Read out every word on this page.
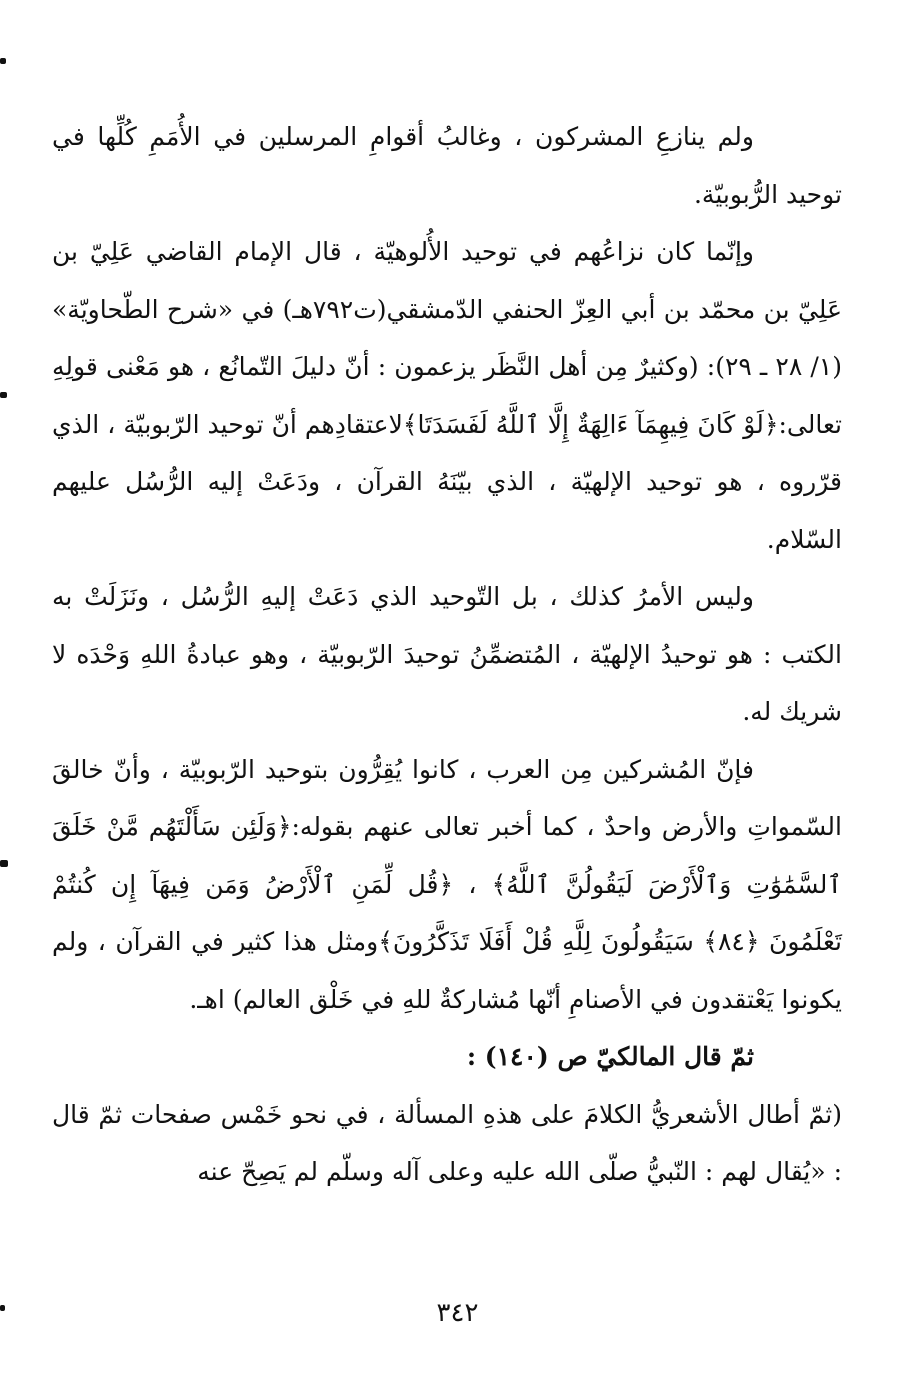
ولم ينازعِ المشركون ، وغالبُ أقوامِ المرسلين في الأُمَمِ كُلِّها في توحيد الرُّبوبيّة.

وإنّما كان نزاعُهم في توحيد الأُلوهيّة ، قال الإمام القاضي عَلِيّ بن عَلِيّ بن محمّد بن أبي العِزّ الحنفي الدّمشقي(ت٧٩٢هـ) في «شرح الطّحاويّة» (١/ ٢٨ ـ ٢٩): (وكثيرٌ مِن أهل النَّظَر يزعمون : أنّ دليلَ التّمانُع ، هو مَعْنى قولِهِ تعالى:﴿لَوْ كَانَ فِيهِمَآ ءَالِهَةٌ إِلَّا ٱللَّهُ لَفَسَدَتَا﴾لاعتقادِهم أنّ توحيد الرّبوبيّة ، الذي قرّروه ، هو توحيد الإلهيّة ، الذي بيّنَهُ القرآن ، ودَعَتْ إليه الرُّسُل عليهم السّلام.

وليس الأمرُ كذلك ، بل التّوحيد الذي دَعَتْ إليهِ الرُّسُل ، ونَزَلَتْ به الكتب : هو توحيدُ الإلهيّة ، المُتضمِّنُ توحيدَ الرّبوبيّة ، وهو عبادةُ اللهِ وَحْدَه لا شريك له.

فإنّ المُشركين مِن العرب ، كانوا يُقِرُّون بتوحيد الرّبوبيّة ، وأنّ خالقَ السّمواتِ والأرض واحدٌ ، كما أخبر تعالى عنهم بقوله:﴿وَلَئِن سَأَلْتَهُم مَّنْ خَلَقَ ٱلسَّمَٰوَٰتِ وَٱلْأَرْضَ لَيَقُولُنَّ ٱللَّهُ﴾ ، ﴿قُل لِّمَنِ ٱلْأَرْضُ وَمَن فِيهَآ إِن كُنتُمْ تَعْلَمُونَ ﴿٨٤﴾ سَيَقُولُونَ لِلَّهِ قُلْ أَفَلَا تَذَكَّرُونَ﴾ومثل هذا كثير في القرآن ، ولم يكونوا يَعْتقدون في الأصنامِ أنّها مُشاركةٌ للهِ في خَلْق العالم) اهـ.

ثمّ قال المالكيّ ص (١٤٠) :

(ثمّ أطال الأشعريُّ الكلامَ على هذهِ المسألة ، في نحو خَمْس صفحات ثمّ قال : «يُقال لهم : النّبيُّ صلّى الله عليه وعلى آله وسلّم لم يَصِحّ عنه

٣٤٢
